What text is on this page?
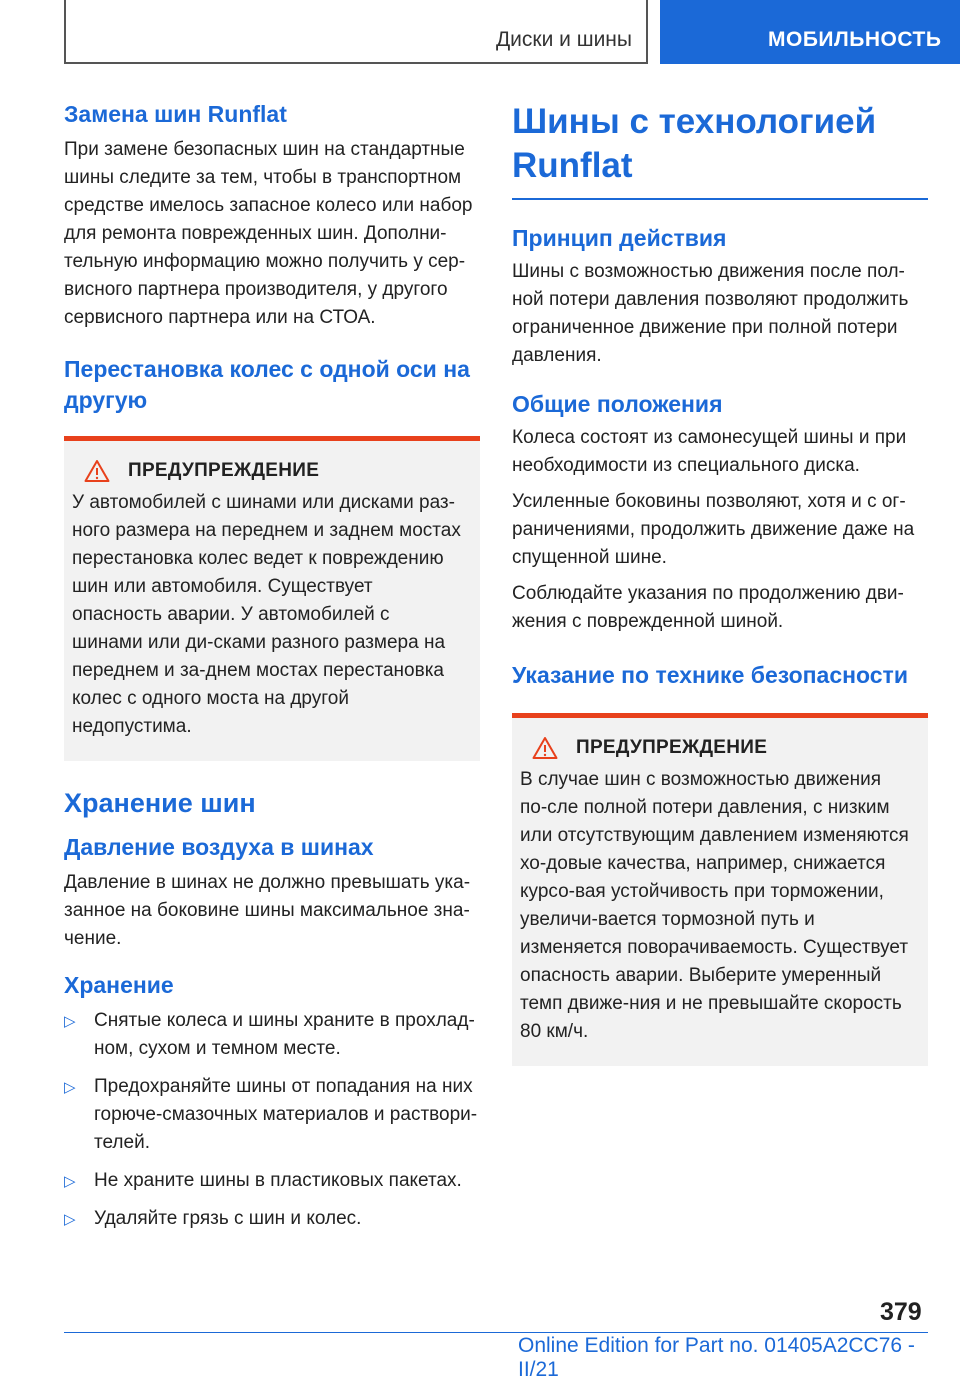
Диски и шины	МОБИЛЬНОСТЬ
Замена шин Runflat

При замене безопасных шин на стандартные шины следите за тем, чтобы в транспортном средстве имелось запасное колесо или набор для ремонта поврежденных шин. Дополни-тельную информацию можно получить у сер-висного партнера производителя, у другого сервисного партнера или на СТОА.

Перестановка колес с одной оси на другую
ПРЕДУПРЕЖДЕНИЕ

У автомобилей с шинами или дисками раз-ного размера на переднем и заднем мостах перестановка колес ведет к повреждению шин или автомобиля. Существует опасность аварии. У автомобилей с шинами или ди-сками разного размера на переднем и за-днем мостах перестановка колес с одного моста на другой недопустима.

Хранение шин
Давление воздуха в шинах

Давление в шинах не должно превышать ука-занное на боковине шины максимальное зна-чение.

Хранение
▷ Снятые колеса и шины храните в прохлад-ном, сухом и темном месте.
▷ Предохраняйте шины от попадания на них горюче-смазочных материалов и раствори-телей.
▷ Не храните шины в пластиковых пакетах.
▷ Удаляйте грязь с шин и колес.
Шины с технологией Runflat
Принцип действия

Шины с возможностью движения после пол-ной потери давления позволяют продолжить ограниченное движение при полной потери давления.

Общие положения

Колеса состоят из самонесущей шины и при необходимости из специального диска.

Усиленные боковины позволяют, хотя и с ог-раничениями, продолжить движение даже на спущенной шине.

Соблюдайте указания по продолжению дви-жения с поврежденной шиной.

Указание по технике безопасности
ПРЕДУПРЕЖДЕНИЕ

В случае шин с возможностью движения по-сле полной потери давления, с низким или отсутствующим давлением изменяются хо-довые качества, например, снижается курсо-вая устойчивость при торможении, увеличи-вается тормозной путь и изменяется поворачиваемость. Существует опасность аварии. Выберите умеренный темп движе-ния и не превышайте скорость 80 км/ч.

379
Online Edition for Part no. 01405A2CC76 - II/21
